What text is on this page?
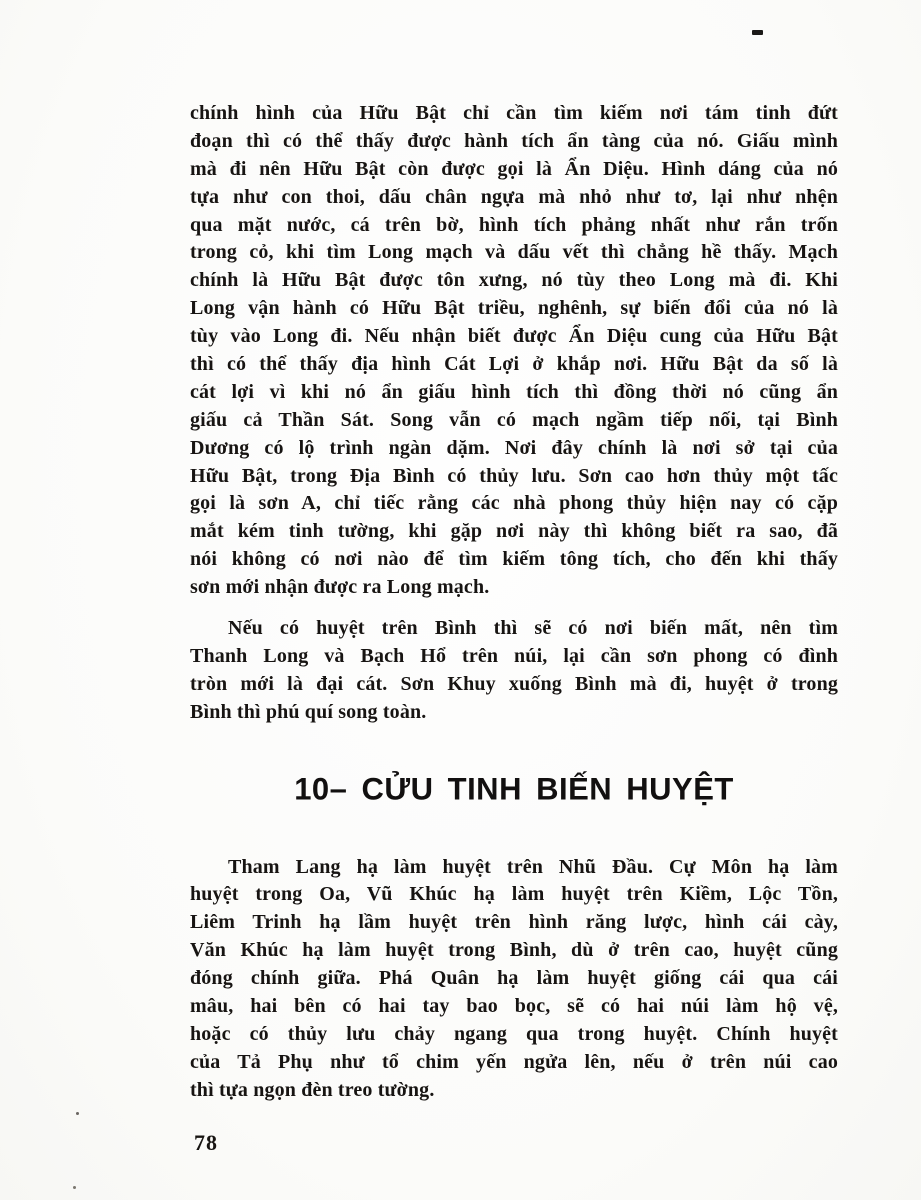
chính hình của Hữu Bật chỉ cần tìm kiếm nơi tám tinh đứt
đoạn thì có thể thấy được hành tích ẩn tàng của nó. Giấu mình
mà đi nên Hữu Bật còn được gọi là Ẩn Diệu. Hình dáng của nó
tựa như con thoi, dấu chân ngựa mà nhỏ như tơ, lại như nhện
qua mặt nước, cá trên bờ, hình tích phảng nhất như rắn trốn
trong cỏ, khi tìm Long mạch và dấu vết thì chẳng hề thấy. Mạch
chính là Hữu Bật được tôn xưng, nó tùy theo Long mà đi. Khi
Long vận hành có Hữu Bật triều, nghênh, sự biến đổi của nó là
tùy vào Long đi. Nếu nhận biết được Ẩn Diệu cung của Hữu Bật
thì có thể thấy địa hình Cát Lợi ở khắp nơi. Hữu Bật da số là
cát lợi vì khi nó ẩn giấu hình tích thì đồng thời nó cũng ẩn
giấu cả Thần Sát. Song vẫn có mạch ngầm tiếp nối, tại Bình
Dương có lộ trình ngàn dặm. Nơi đây chính là nơi sở tại của
Hữu Bật, trong Địa Bình có thủy lưu. Sơn cao hơn thủy một tấc
gọi là sơn A, chỉ tiếc rằng các nhà phong thủy hiện nay có cặp
mắt kém tinh tường, khi gặp nơi này thì không biết ra sao, đã
nói không có nơi nào để tìm kiếm tông tích, cho đến khi thấy
sơn mới nhận được ra Long mạch.
Nếu có huyệt trên Bình thì sẽ có nơi biến mất, nên tìm
Thanh Long và Bạch Hổ trên núi, lại cần sơn phong có đình
tròn mới là đại cát. Sơn Khuy xuống Bình mà đi, huyệt ở trong
Bình thì phú quí song toàn.
10– CỬU TINH BIẾN HUYỆT
Tham Lang hạ làm huyệt trên Nhũ Đầu. Cự Môn hạ làm
huyệt trong Oa, Vũ Khúc hạ làm huyệt trên Kiềm, Lộc Tồn,
Liêm Trinh hạ lầm huyệt trên hình răng lược, hình cái cày,
Văn Khúc hạ làm huyệt trong Bình, dù ở trên cao, huyệt cũng
đóng chính giữa. Phá Quân hạ làm huyệt giống cái qua cái
mâu, hai bên có hai tay bao bọc, sẽ có hai núi làm hộ vệ,
hoặc có thủy lưu chảy ngang qua trong huyệt. Chính huyệt
của Tả Phụ như tổ chim yến ngửa lên, nếu ở trên núi cao
thì tựa ngọn đèn treo tường.
78
